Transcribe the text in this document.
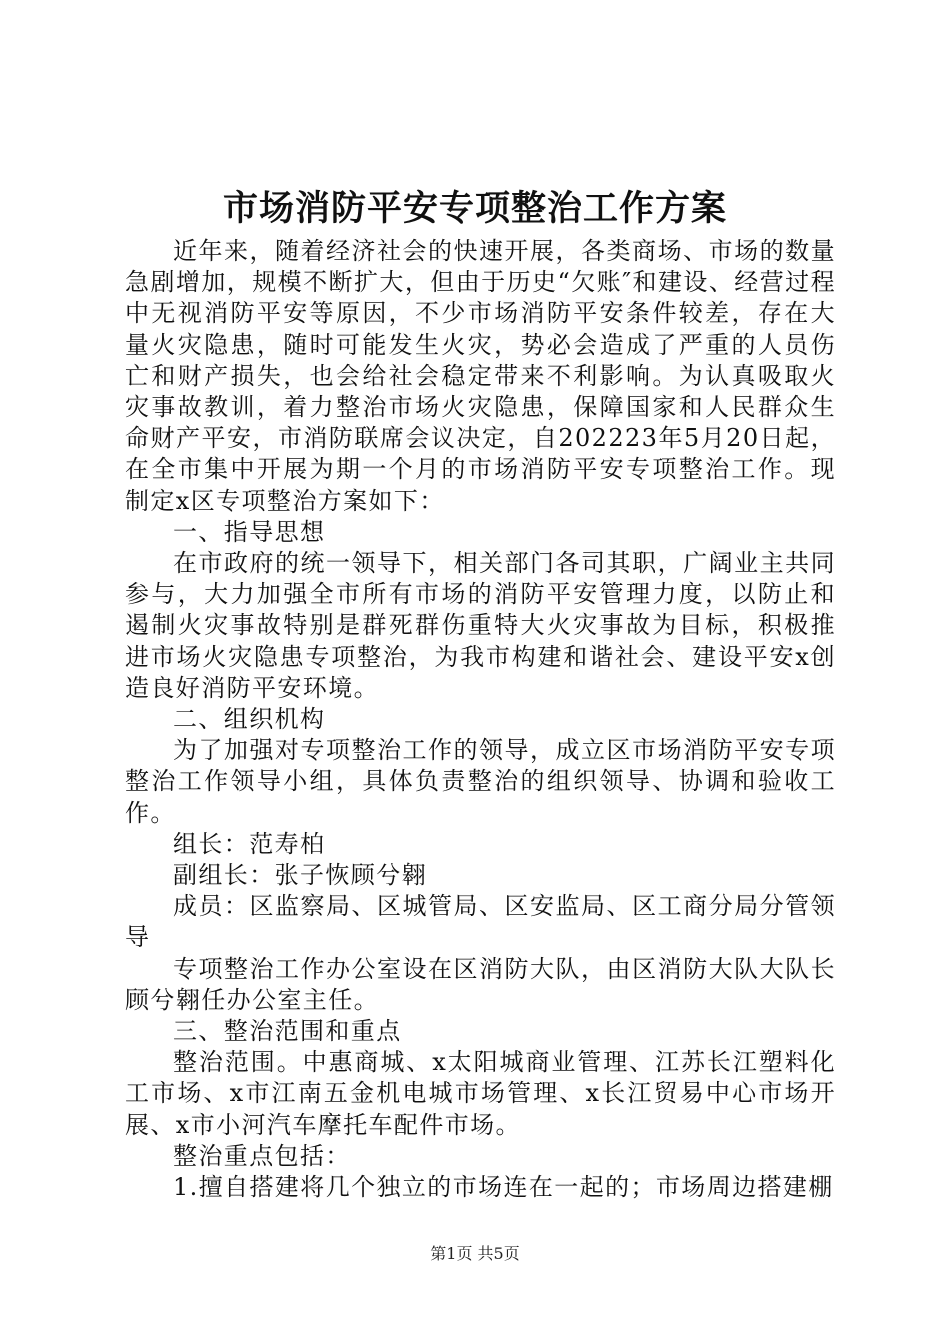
市场消防平安专项整治工作方案

近年来，随着经济社会的快速开展，各类商场、市场的数量急剧增加，规模不断扩大，但由于历史“欠账″和建设、经营过程中无视消防平安等原因，不少市场消防平安条件较差，存在大量火灾隐患，随时可能发生火灾，势必会造成了严重的人员伤亡和财产损失，也会给社会稳定带来不利影响。为认真吸取火灾事故教训，着力整治市场火灾隐患，保障国家和人民群众生命财产平安，市消防联席会议决定，自202223年5月20日起，在全市集中开展为期一个月的市场消防平安专项整治工作。现制定x区专项整治方案如下：

一、指导思想

在市政府的统一领导下，相关部门各司其职，广阔业主共同参与，大力加强全市所有市场的消防平安管理力度，以防止和遏制火灾事故特别是群死群伤重特大火灾事故为目标，积极推进市场火灾隐患专项整治，为我市构建和谐社会、建设平安x创造良好消防平安环境。

二、组织机构

为了加强对专项整治工作的领导，成立区市场消防平安专项整治工作领导小组，具体负责整治的组织领导、协调和验收工作。

组长：范寿柏

副组长：张子恢顾兮翱

成员：区监察局、区城管局、区安监局、区工商分局分管领导

专项整治工作办公室设在区消防大队，由区消防大队大队长顾兮翱任办公室主任。

三、整治范围和重点

整治范围。中惠商城、x太阳城商业管理、江苏长江塑料化工市场、x市江南五金机电城市场管理、x长江贸易中心市场开展、x市小河汽车摩托车配件市场。

整治重点包括：

1.擅自搭建将几个独立的市场连在一起的；市场周边搭建棚

第1页 共5页
